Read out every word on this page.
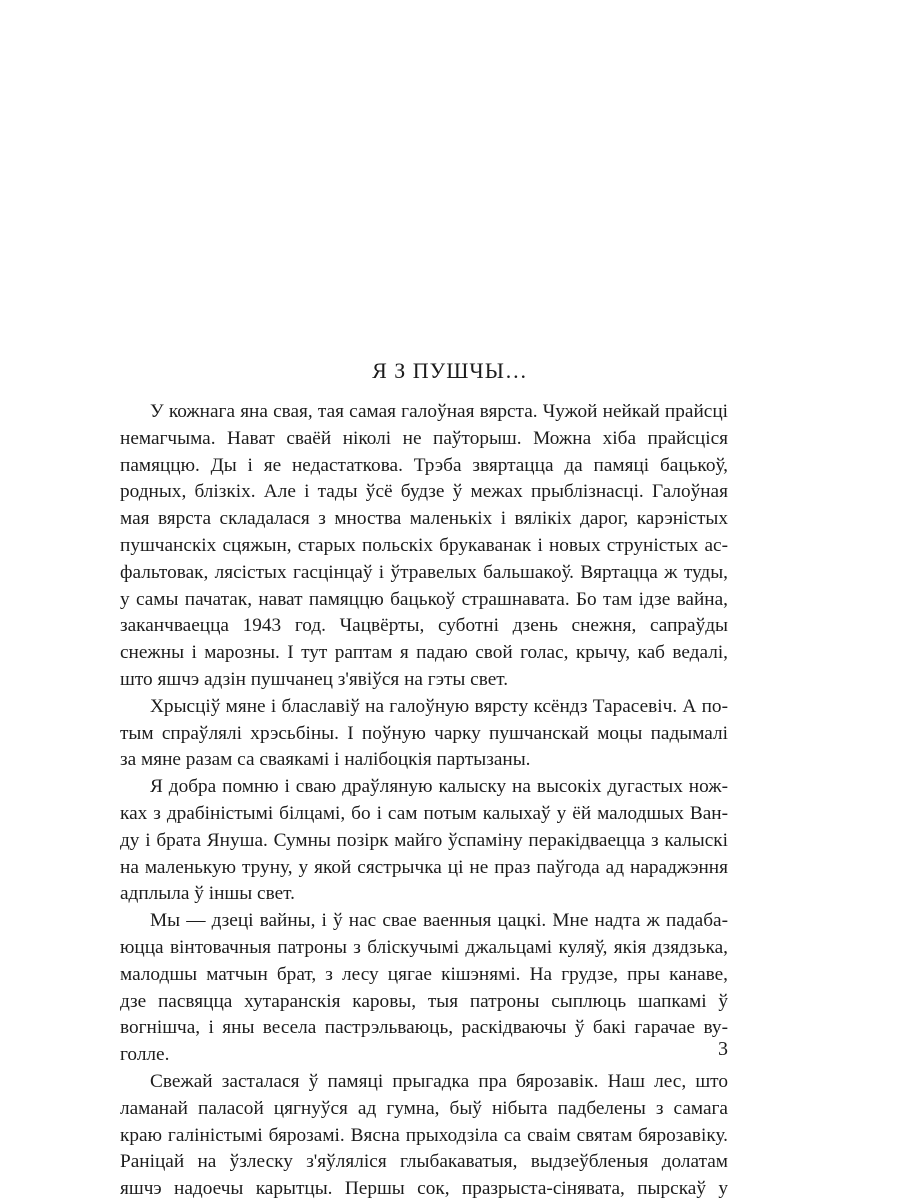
Я З ПУШЧЫ…
У кожнага яна свая, тая самая галоўная вярста. Чужой нейкай прайсці
немагчыма. Нават сваёй ніколі не паўторыш. Можна хіба прайсціся
памяццю. Ды і яе недастаткова. Трэба звяртацца да памяці бацькоў,
родных, блізкіх. Але і тады ўсё будзе ў межах прыблізнасці. Галоўная
мая вярста складалася з мноства маленькіх і вялікіх дарог, карэністых
пушчанскіх сцяжын, старых польскіх брукаванак і новых струністых ас-
фальтовак, лясістых гасцінцаў і ўтравелых бальшакоў. Вяртацца ж туды,
у самы пачатак, нават памяццю бацькоў страшнавата. Бо там ідзе вайна,
заканчваецца 1943 год. Чацвёрты, суботні дзень снежня, сапраўды
снежны і марозны. І тут раптам я падаю свой голас, крычу, каб ведалі,
што яшчэ адзін пушчанец з'явіўся на гэты свет.
Хрысціў мяне і блаславіў на галоўную вярсту ксёндз Тарасевіч. А по-
тым спраўлялі хрэсьбіны. І поўную чарку пушчанскай моцы падымалі
за мяне разам са сваякамі і налібоцкія партызаны.
Я добра помню і сваю драўляную калыску на высокіх дугастых нож-
ках з драбіністымі білцамі, бо і сам потым калыхаў у ёй малодшых Ван-
ду і брата Януша. Сумны позірк майго ўспаміну перакідваецца з калыскі
на маленькую труну, у якой сястрычка ці не праз паўгода ад нараджэння
адплыла ў іншы свет.
Мы — дзеці вайны, і ў нас свае ваенныя цацкі. Мне надта ж падаба-
юцца вінтовачныя патроны з бліскучымі джальцамі куляў, якія дзядзька,
малодшы матчын брат, з лесу цягае кішэнямі. На грудзе, пры канаве,
дзе пасвяцца хутаранскія каровы, тыя патроны сыплюць шапкамі ў
вогнішча, і яны весела пастрэльваюць, раскідваючы ў бакі гарачае ву-
голле.
Свежай засталася ў памяці прыгадка пра бярозавік. Наш лес, што
ламанай паласой цягнуўся ад гумна, быў нібыта падбелены з самага
краю галіністымі бярозамі. Вясна прыходзіла са сваім святам бярозавіку.
Раніцай на ўзлеску з'яўляліся глыбакаватыя, выдзеўбленыя долатам
яшчэ надоечы карытцы. Першы сок, празрыста-сінявата, пырскаў у
3
